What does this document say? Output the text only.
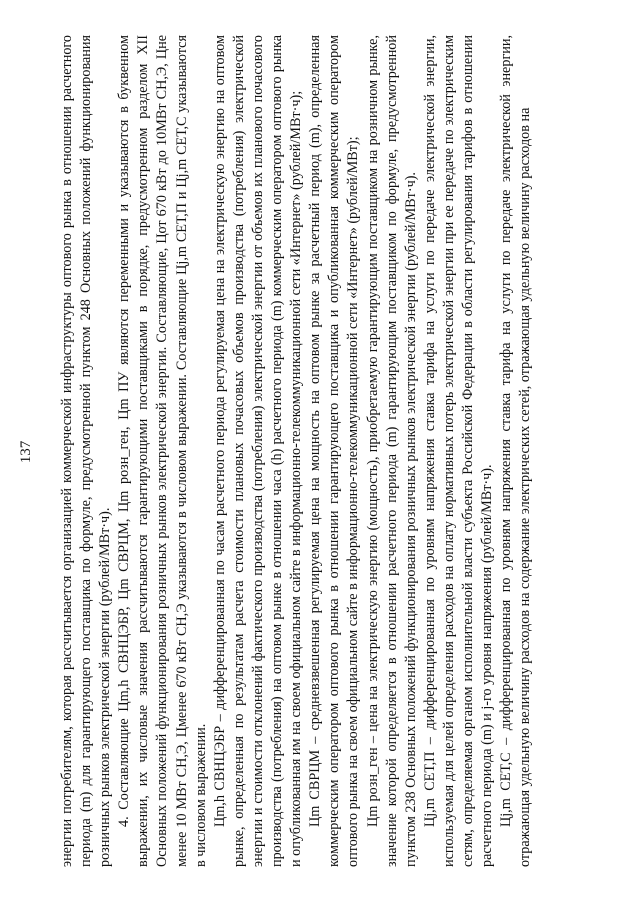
137 энергии потребителям, которая рассчитывается организацией коммерческой инфраструктуры оптового рынка в отношении расчетного периода (m) для гарантирующего поставщика по формуле, предусмотренной пунктом 248 Основных положений функционирования розничных рынков электрической энергии (рублей/МВт·ч). 4. Составляющие Цm,h СВНЦЭБР, Цm СВРЦМ, Цm розн_ген, Цm ПУ являются переменными и указываются в буквенном выражении, их числовые значения рассчитываются гарантирующими поставщиками в порядке, предусмотренном разделом XII Основных положений функционирования розничных рынков электрической энергии. Составляющие, Цот 670 кВт до 10МВт СН,Э, Цне менее 10 МВт СН,Э, Цменее 670 кВт СН,Э указываются в числовом выражении. Составляющие Цj,m СЕТ,П и Цj,m СЕТ,С указываются в числовом выражении. Цm,h СВНЦЭБР – дифференцированная по часам расчетного периода регулируемая цена на электрическую энергию на оптовом рынке, определенная по результатам расчета стоимости плановых почасовых объемов производства (потребления) электрической энергии и стоимости отклонений фактического производства (потребления) электрической энергии от объемов их планового почасового производства (потребления) на оптовом рынке в отношении часа (h) расчетного периода (m) коммерческим оператором оптового рынка и опубликованная им на своем официальном сайте в информационно-телекоммуникационной сети «Интернет» (рублей/МВт·ч); Цm СВРЦМ – средневзвешенная регулируемая цена на мощность на оптовом рынке за расчетный период (m), определенная коммерческим оператором оптового рынка в отношении гарантирующего поставщика и опубликованная коммерческим оператором оптового рынка на своем официальном сайте в информационно-телекоммуникационной сети «Интернет» (рублей/МВт); Цm розн_ген – цена на электрическую энергию (мощность), приобретаемую гарантирующим поставщиком на розничном рынке, значение которой определяется в отношении расчетного периода (m) гарантирующим поставщиком по формуле, предусмотренной пунктом 238 Основных положений функционирования розничных рынков электрической энергии (рублей/МВт·ч). Цj,m СЕТ,П – дифференцированная по уровням напряжения ставка тарифа на услуги по передаче электрической энергии, используемая для целей определения расходов на оплату нормативных потерь электрической энергии при ее передаче по электрическим сетям, определяемая органом исполнительной власти субъекта Российской Федерации в области регулирования тарифов в отношении расчетного периода (m) и j-го уровня напряжения (рублей/МВт·ч). Цj,m СЕТ,С – дифференцированная по уровням напряжения ставка тарифа на услуги по передаче электрической энергии, отражающая удельную величину расходов на содержание электрических сетей, отражающая удельную величину расходов на
